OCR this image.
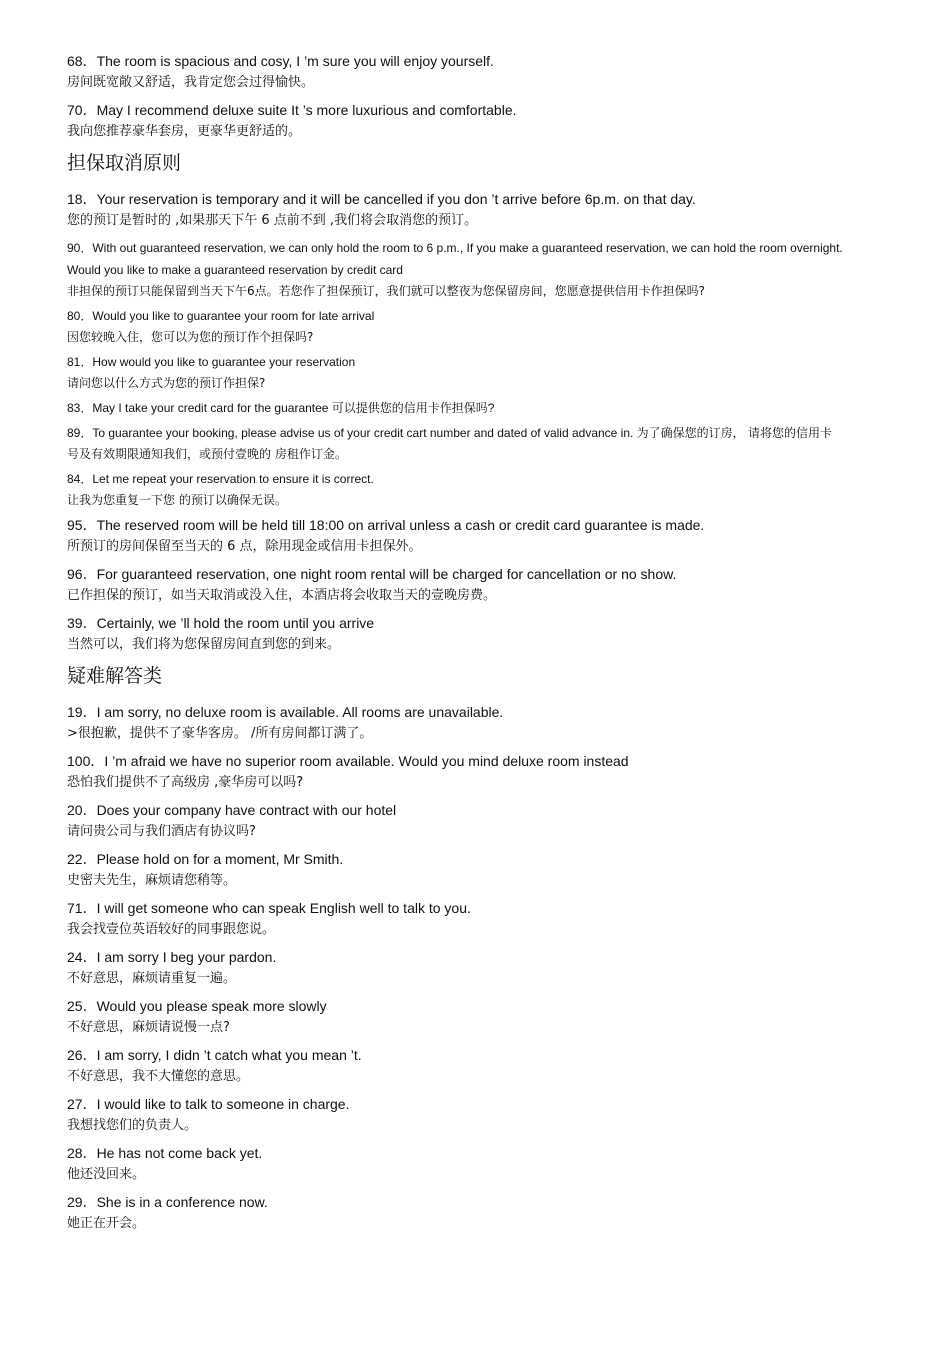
68．The room is spacious and cosy, I ’m sure you will enjoy yourself.
房间既宽敞又舒适，我肯定您会过得愉快。
70．May I recommend deluxe suite It ’s more luxurious and comfortable.
我向您推荐豪华套房，更豪华更舒适的。
担保取消原则
18．Your reservation is temporary and it will be cancelled if you don ’t arrive before 6p.m. on that day.
您的预订是暂时的 ,如果那天下午 6 点前不到 ,我们将会取消您的预订。
90．With out guaranteed reservation, we can only hold the room to 6 p.m., If you make a guaranteed reservation, we can hold the room overnight.
Would you like to make a guaranteed reservation by credit card
非担保的预订只能保留到当天下午6点。若您作了担保预订，我们就可以整夜为您保留房间，您愿意提供信用卡作担保吗?
80．Would you like to guarantee your room for late arrival
因您较晚入住，您可以为您的预订作个担保吗?
81．How would you like to guarantee your reservation
请问您以什么方式为您的预订作担保?
83．May I take your credit card for the guarantee 可以提供您的信用卡作担保吗?
89．To guarantee your booking, please advise us of your credit cart number and dated of valid advance in. 为了确保您的订房， 请将您的信用卡
号及有效期限通知我们，或预付壹晚的 房租作订金。
84．Let me repeat your reservation to ensure it is correct.
让我为您重复一下您 的预订以确保无误。
95．The reserved room will be held till 18:00 on arrival unless a cash or credit card guarantee is made.
所预订的房间保留至当天的 6 点，除用现金或信用卡担保外。
96．For guaranteed reservation, one night room rental will be charged for cancellation or no show.
已作担保的预订，如当天取消或没入住，本酒店将会收取当天的壹晚房费。
39．Certainly, we ’ll hold the room until you arrive
当然可以，我们将为您保留房间直到您的到来。
疑难解答类
19．I am sorry, no deluxe room is available. All rooms are unavailable.
>很抱歉，提供不了豪华客房。 /所有房间都订满了。
100．I ’m afraid we have no superior room available. Would you mind deluxe room instead
恐怕我们提供不了高级房 ,豪华房可以吗?
20．Does your company have contract with our hotel
请问贵公司与我们酒店有协议吗?
22．Please hold on for a moment, Mr Smith.
史密夫先生，麻烦请您稍等。
71．I will get someone who can speak English well to talk to you.
我会找壹位英语较好的同事跟您说。
24．I am sorry I beg your pardon.
不好意思，麻烦请重复一遍。
25．Would you please speak more slowly
不好意思，麻烦请说慢一点?
26．I am sorry, I didn ’t catch what you mean ’t.
不好意思，我不大懂您的意思。
27．I would like to talk to someone in charge.
我想找您们的负责人。
28．He has not come back yet.
他还没回来。
29．She is in a conference now.
她正在开会。
